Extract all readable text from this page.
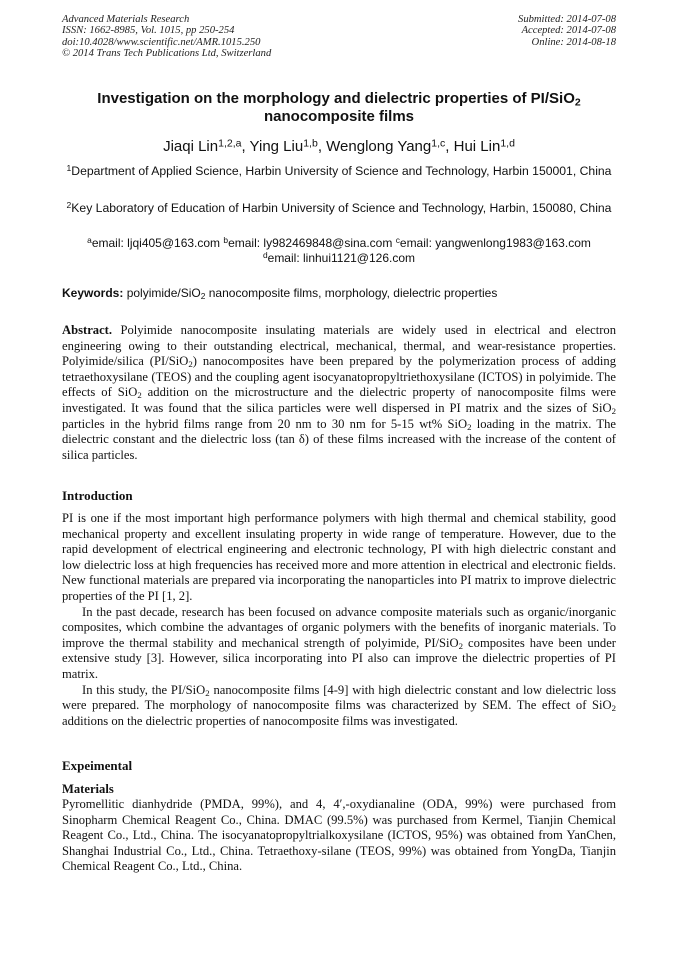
Advanced Materials Research
ISSN: 1662-8985, Vol. 1015, pp 250-254
doi:10.4028/www.scientific.net/AMR.1015.250
© 2014 Trans Tech Publications Ltd, Switzerland
Submitted: 2014-07-08
Accepted: 2014-07-08
Online: 2014-08-18
Investigation on the morphology and dielectric properties of PI/SiO$_2$
nanocomposite films
Jiaqi Lin$^{1,2,a}$, Ying Liu$^{1,b}$, Wenglong Yang$^{1,c}$, Hui Lin$^{1,d}$
$^1$Department of Applied Science, Harbin University of Science and Technology, Harbin 150001, China
$^2$Key Laboratory of Education of Harbin University of Science and Technology, Harbin, 150080, China
$^a$email: ljqi405@163.com $^b$email: ly982469848@sina.com $^c$email: yangwenlong1983@163.com
$^d$email: linhui1121@126.com
Keywords: polyimide/SiO$_2$ nanocomposite films, morphology, dielectric properties
Abstract. Polyimide nanocomposite insulating materials are widely used in electrical and electron engineering owing to their outstanding electrical, mechanical, thermal, and wear-resistance properties. Polyimide/silica (PI/SiO$_2$) nanocomposites have been prepared by the polymerization process of adding tetraethoxysilane (TEOS) and the coupling agent isocyanatopropyltriethoxysilane (ICTOS) in polyimide. The effects of SiO$_2$ addition on the microstructure and the dielectric property of nanocomposite films were investigated. It was found that the silica particles were well dispersed in PI matrix and the sizes of SiO$_2$ particles in the hybrid films range from 20 nm to 30 nm for 5-15 wt% SiO$_2$ loading in the matrix. The dielectric constant and the dielectric loss (tan δ) of these films increased with the increase of the content of silica particles.
Introduction

PI is one if the most important high performance polymers with high thermal and chemical stability, good mechanical property and excellent insulating property in wide range of temperature. However, due to the rapid development of electrical engineering and electronic technology, PI with high dielectric constant and low dielectric loss at high frequencies has received more and more attention in electrical and electronic fields. New functional materials are prepared via incorporating the nanoparticles into PI matrix to improve dielectric properties of the PI [1, 2].

In the past decade, research has been focused on advance composite materials such as organic/inorganic composites, which combine the advantages of organic polymers with the benefits of inorganic materials. To improve the thermal stability and mechanical strength of polyimide, PI/SiO$_2$ composites have been under extensive study [3]. However, silica incorporating into PI also can improve the dielectric properties of PI matrix.

In this study, the PI/SiO$_2$ nanocomposite films [4-9] with high dielectric constant and low dielectric loss were prepared. The morphology of nanocomposite films was characterized by SEM. The effect of SiO$_2$ additions on the dielectric properties of nanocomposite films was investigated.

Expeimental
Materials
Pyromellitic dianhydride (PMDA, 99%), and 4, 4′,-oxydianaline (ODA, 99%) were purchased from Sinopharm Chemical Reagent Co., China. DMAC (99.5%) was purchased from Kermel, Tianjin Chemical Reagent Co., Ltd., China. The isocyanatopropyltrialkoxysilane (ICTOS, 95%) was obtained from YanChen, Shanghai Industrial Co., Ltd., China. Tetraethoxy-silane (TEOS, 99%) was obtained from YongDa, Tianjin Chemical Reagent Co., Ltd., China.
